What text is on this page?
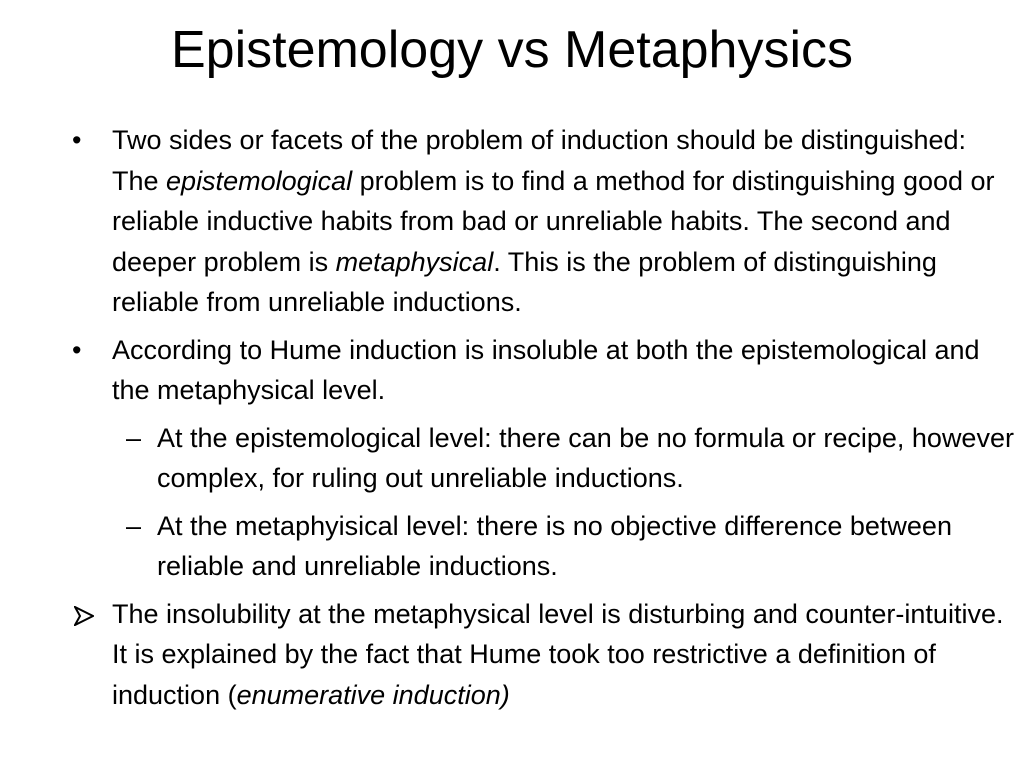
Epistemology vs Metaphysics

• Two sides or facets of the problem of induction should be distinguished: The epistemological problem is to find a method for distinguishing good or reliable inductive habits from bad or unreliable habits. The second and deeper problem is metaphysical. This is the problem of distinguishing reliable from unreliable inductions.

• According to Hume induction is insoluble at both the epistemological and the metaphysical level.

– At the epistemological level: there can be no formula or recipe, however complex, for ruling out unreliable inductions.

– At the metaphyisical level: there is no objective difference between reliable and unreliable inductions.

The insolubility at the metaphysical level is disturbing and counter-intuitive. It is explained by the fact that Hume took too restrictive a definition of induction (enumerative induction)
